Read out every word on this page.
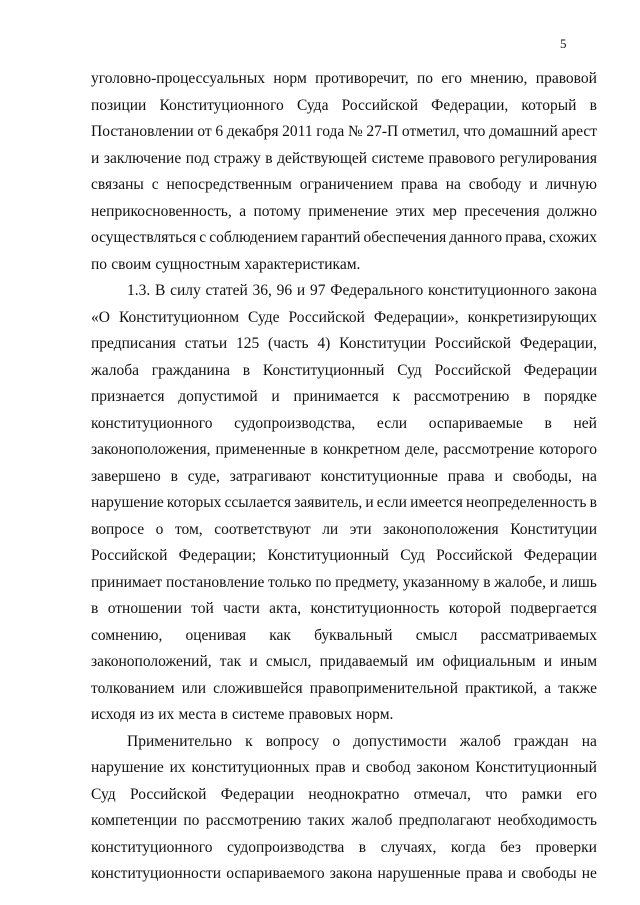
5
уголовно-процессуальных норм противоречит, по его мнению, правовой
позиции Конституционного Суда Российской Федерации, который в
Постановлении от 6 декабря 2011 года № 27-П отметил, что домашний арест
и заключение под стражу в действующей системе правового регулирования
связаны с непосредственным ограничением права на свободу и личную
неприкосновенность, а потому применение этих мер пресечения должно
осуществляться с соблюдением гарантий обеспечения данного права, схожих
по своим сущностным характеристикам.
1.3. В силу статей 36, 96 и 97 Федерального конституционного закона
«О Конституционном Суде Российской Федерации», конкретизирующих
предписания статьи 125 (часть 4) Конституции Российской Федерации,
жалоба гражданина в Конституционный Суд Российской Федерации
признается допустимой и принимается к рассмотрению в порядке
конституционного судопроизводства, если оспариваемые в ней
законоположения, примененные в конкретном деле, рассмотрение которого
завершено в суде, затрагивают конституционные права и свободы, на
нарушение которых ссылается заявитель, и если имеется неопределенность в
вопросе о том, соответствуют ли эти законоположения Конституции
Российской Федерации; Конституционный Суд Российской Федерации
принимает постановление только по предмету, указанному в жалобе, и лишь
в отношении той части акта, конституционность которой подвергается
сомнению, оценивая как буквальный смысл рассматриваемых
законоположений, так и смысл, придаваемый им официальным и иным
толкованием или сложившейся правоприменительной практикой, а также
исходя из их места в системе правовых норм.
Применительно к вопросу о допустимости жалоб граждан на
нарушение их конституционных прав и свобод законом Конституционный
Суд Российской Федерации неоднократно отмечал, что рамки его
компетенции по рассмотрению таких жалоб предполагают необходимость
конституционного судопроизводства в случаях, когда без проверки
конституционности оспариваемого закона нарушенные права и свободы не
